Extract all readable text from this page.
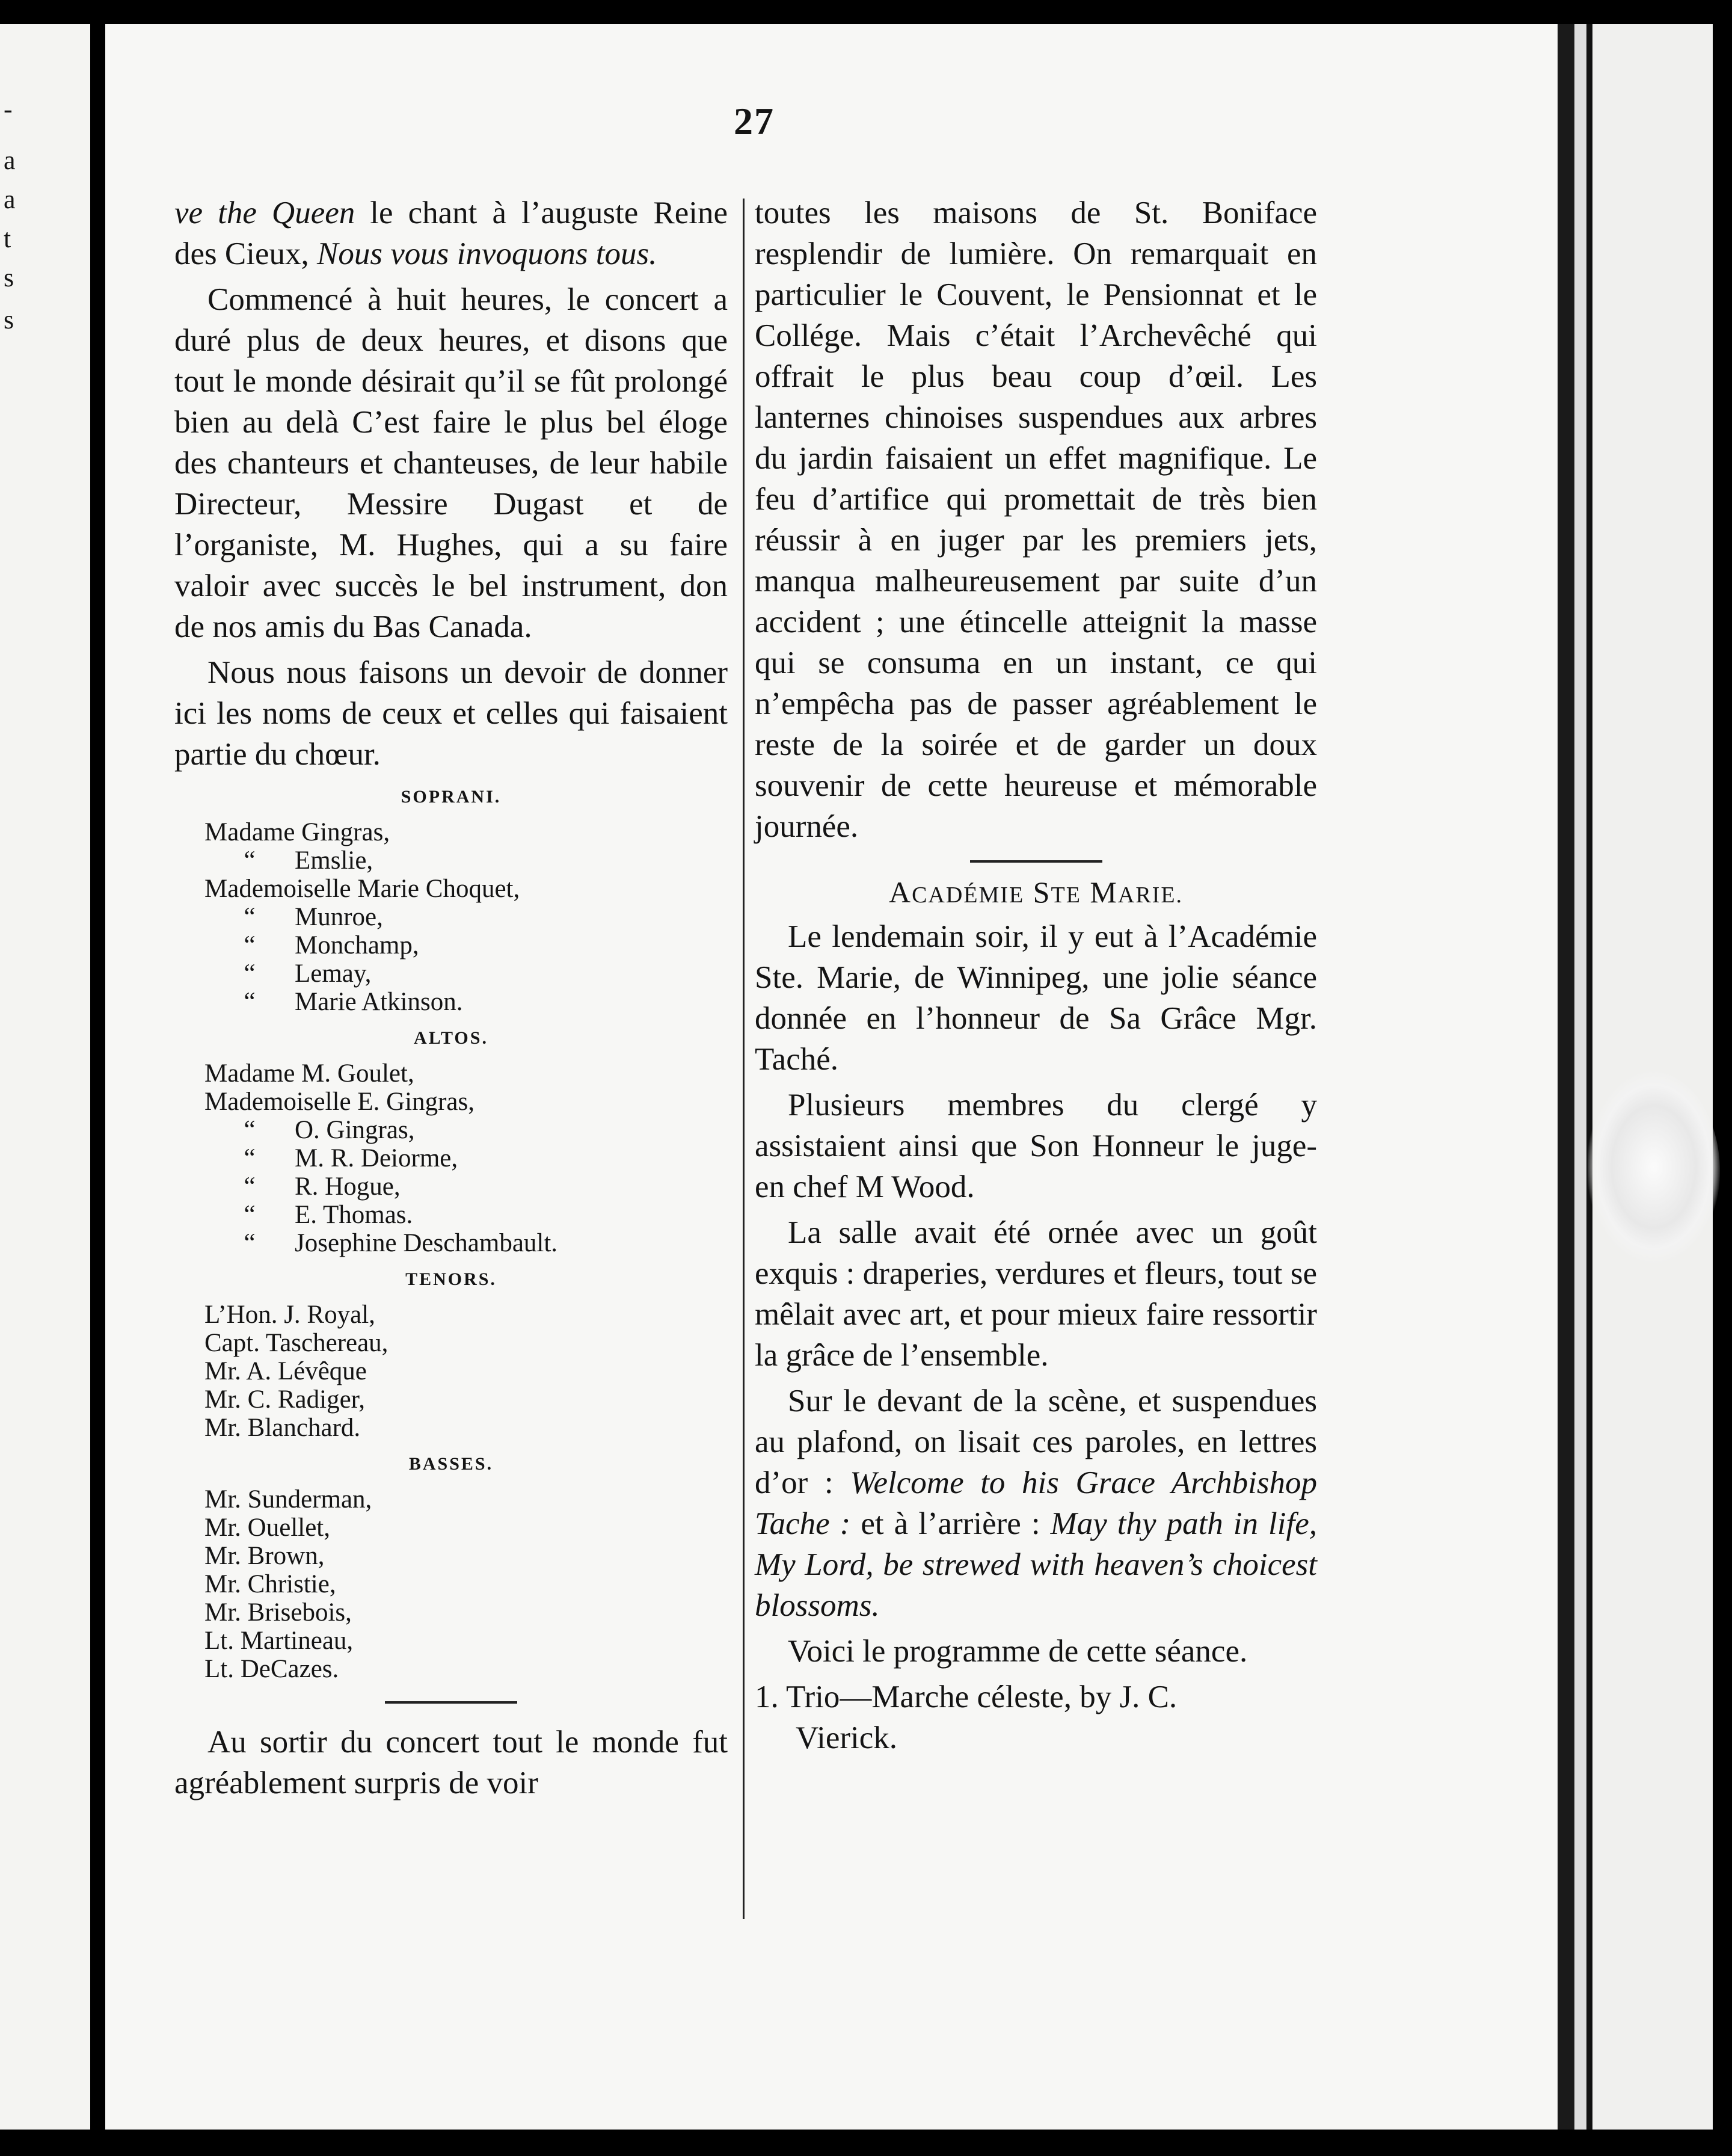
-
a
a
t
s
s
27

ve the Queen le chant à l’auguste Reine des Cieux, Nous vous invoquons tous.

Commencé à huit heures, le concert a duré plus de deux heures, et disons que tout le monde désirait qu’il se fût prolongé bien au delà C’est faire le plus bel éloge des chanteurs et chanteuses, de leur habile Directeur, Messire Dugast et de l’organiste, M. Hughes, qui a su faire valoir avec succès le bel instrument, don de nos amis du Bas Canada.

Nous nous faisons un devoir de donner ici les noms de ceux et celles qui faisaient partie du chœur.

SOPRANI.
Madame Gingras,
“	Emslie,
Mademoiselle Marie Choquet,
“	Munroe,
“	Monchamp,
“	Lemay,
“	Marie Atkinson.
ALTOS.
Madame M. Goulet,
Mademoiselle E. Gingras,
“	O. Gingras,
“	M. R. Deiorme,
“	R. Hogue,
“	E. Thomas.
“	Josephine Deschambault.
TENORS.
L’Hon. J. Royal,
Capt. Taschereau,
Mr. A. Lévêque
Mr. C. Radiger,
Mr. Blanchard.
BASSES.
Mr. Sunderman,
Mr. Ouellet,
Mr. Brown,
Mr. Christie,
Mr. Brisebois,
Lt. Martineau,
Lt. DeCazes.

Au sortir du concert tout le monde fut agréablement surpris de voir

toutes les maisons de St. Boniface resplendir de lumière. On remarquait en particulier le Couvent, le Pensionnat et le Collége. Mais c’était l’Archevêché qui offrait le plus beau coup d’œil. Les lanternes chinoises suspendues aux arbres du jardin faisaient un effet magnifique. Le feu d’artifice qui promettait de très bien réussir à en juger par les premiers jets, manqua malheureusement par suite d’un accident ; une étincelle atteignit la masse qui se consuma en un instant, ce qui n’empêcha pas de passer agréablement le reste de la soirée et de garder un doux souvenir de cette heureuse et mémorable journée.

ACADÉMIE STE MARIE.

Le lendemain soir, il y eut à l’Académie Ste. Marie, de Winnipeg, une jolie séance donnée en l’honneur de Sa Grâce Mgr. Taché.

Plusieurs membres du clergé y assistaient ainsi que Son Honneur le juge-en chef M Wood.

La salle avait été ornée avec un goût exquis : draperies, verdures et fleurs, tout se mêlait avec art, et pour mieux faire ressortir la grâce de l’ensemble.

Sur le devant de la scène, et suspendues au plafond, on lisait ces paroles, en lettres d’or : Welcome to his Grace Archbishop Tache : et à l’arrière : May thy path in life, My Lord, be strewed with heaven’s choicest blossoms.

Voici le programme de cette séance.

1. Trio—Marche céleste, by J. C.
Vierick.
